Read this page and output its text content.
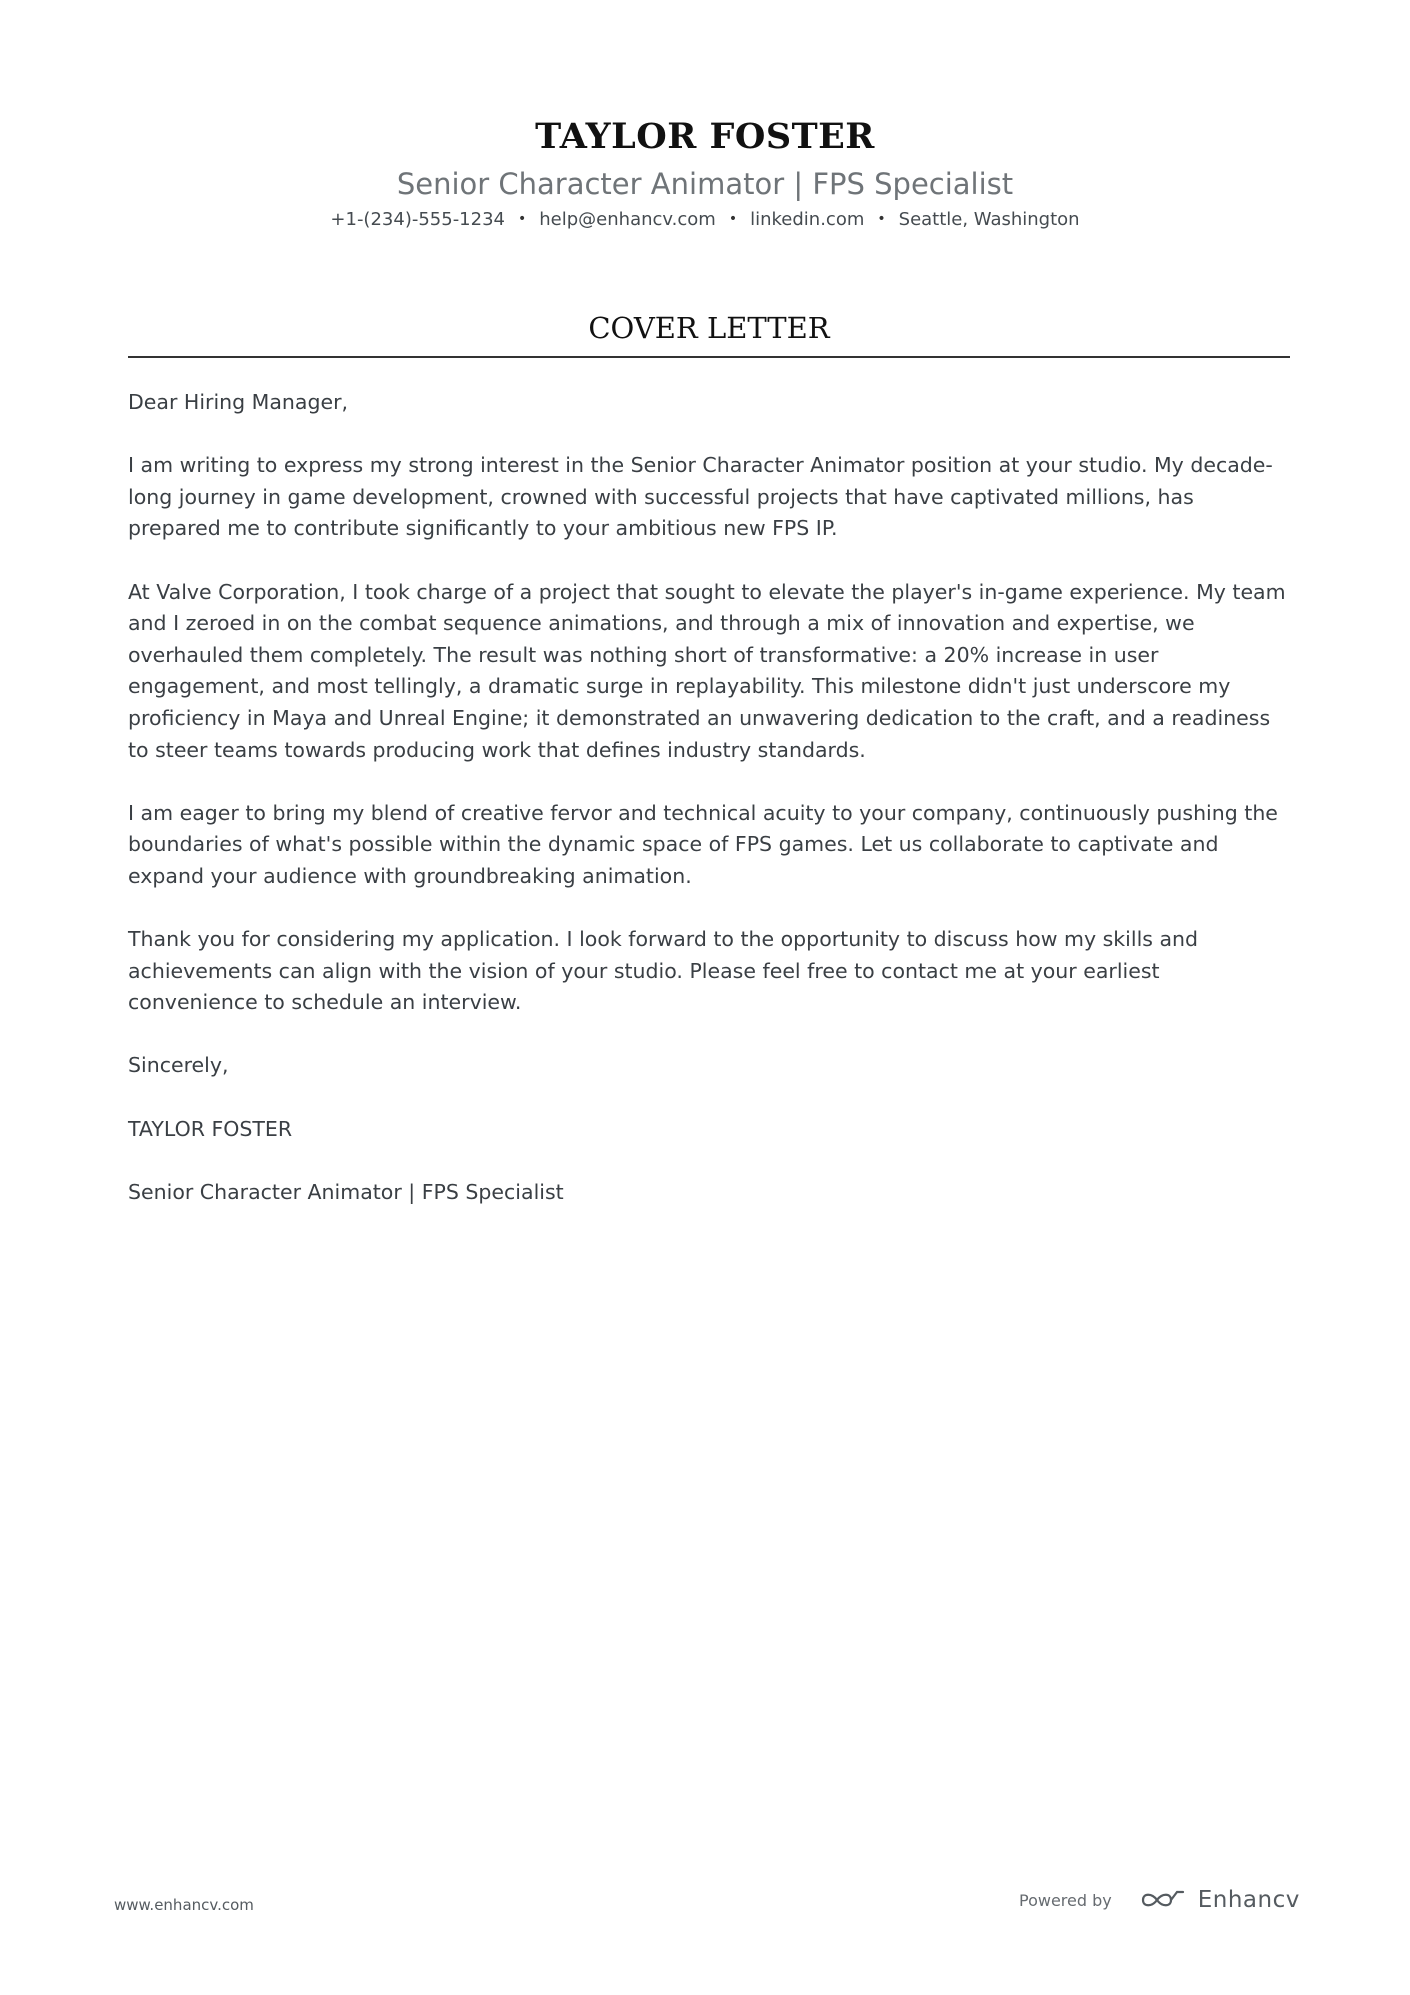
TAYLOR FOSTER
Senior Character Animator | FPS Specialist
+1-(234)-555-1234 • help@enhancv.com • linkedin.com • Seattle, Washington
COVER LETTER

Dear Hiring Manager,

I am writing to express my strong interest in the Senior Character Animator position at your studio. My decade-long journey in game development, crowned with successful projects that have captivated millions, has prepared me to contribute significantly to your ambitious new FPS IP.

At Valve Corporation, I took charge of a project that sought to elevate the player's in-game experience. My team and I zeroed in on the combat sequence animations, and through a mix of innovation and expertise, we overhauled them completely. The result was nothing short of transformative: a 20% increase in user engagement, and most tellingly, a dramatic surge in replayability. This milestone didn't just underscore my proficiency in Maya and Unreal Engine; it demonstrated an unwavering dedication to the craft, and a readiness to steer teams towards producing work that defines industry standards.

I am eager to bring my blend of creative fervor and technical acuity to your company, continuously pushing the boundaries of what's possible within the dynamic space of FPS games. Let us collaborate to captivate and expand your audience with groundbreaking animation.

Thank you for considering my application. I look forward to the opportunity to discuss how my skills and achievements can align with the vision of your studio. Please feel free to contact me at your earliest convenience to schedule an interview.

Sincerely,

TAYLOR FOSTER

Senior Character Animator | FPS Specialist

www.enhancv.com	Powered by	Enhancv
